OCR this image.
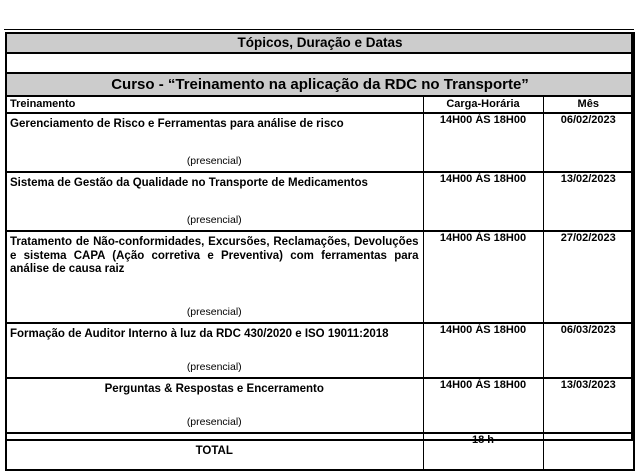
Tópicos, Duração e Datas		

Curso - “Treinamento na aplicação da RDC no Transporte”		
Treinamento	Carga-Horária	Mês

Gerenciamento de Risco e Ferramentas para análise de risco
(presencial)	14H00 ÀS 18H00	06/02/2023

Sistema de Gestão da Qualidade no Transporte de Medicamentos
(presencial)	14H00 ÀS 18H00	13/02/2023

Tratamento de Não-conformidades, Excursões, Reclamações, Devoluções e sistema CAPA (Ação corretiva e Preventiva) com ferramentas para análise de causa raiz
(presencial)	14H00 ÀS 18H00	27/02/2023

Formação de Auditor Interno à luz da RDC 430/2020 e ISO 19011:2018
(presencial)	14H00 ÀS 18H00	06/03/2023

Perguntas & Respostas e Encerramento
(presencial)	14H00 ÀS 18H00	13/03/2023

TOTAL	18 h	
